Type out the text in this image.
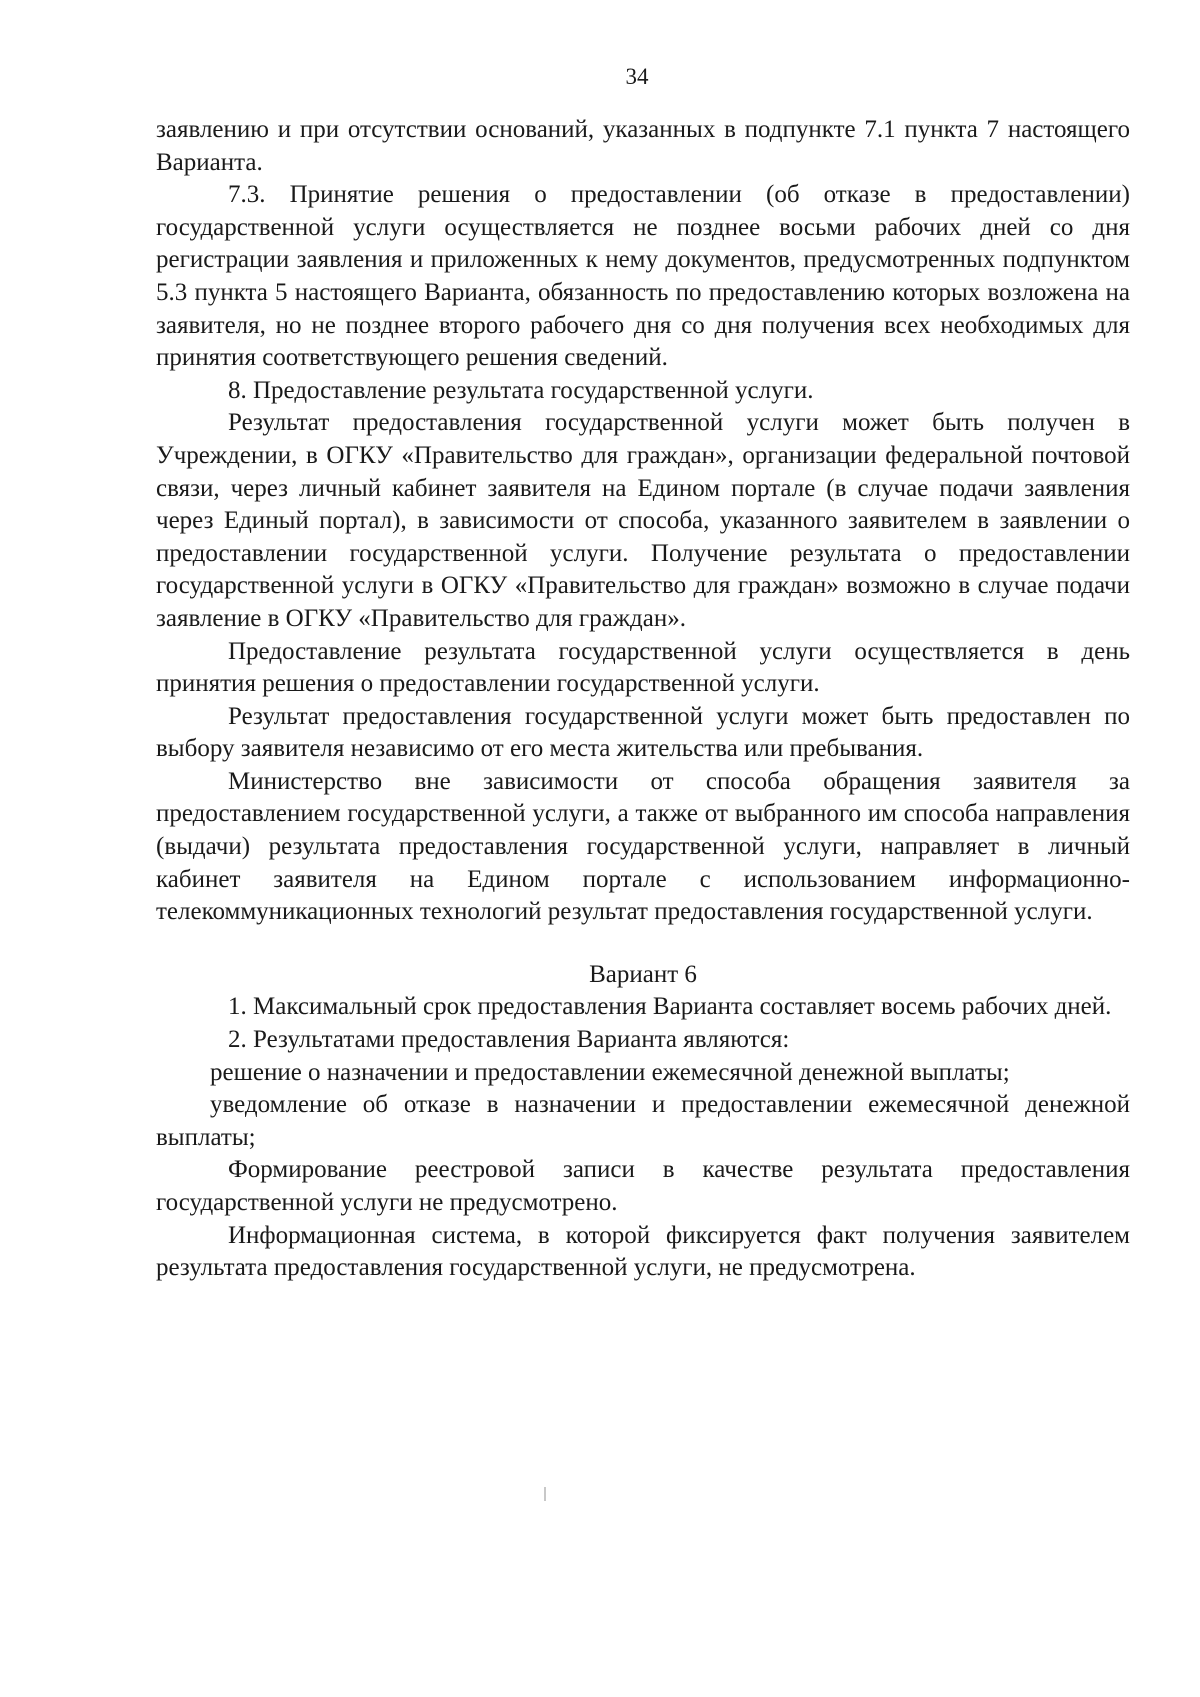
34

заявлению и при отсутствии оснований, указанных в подпункте 7.1 пункта 7 настоящего Варианта.

7.3. Принятие решения о предоставлении (об отказе в предоставлении) государственной услуги осуществляется не позднее восьми рабочих дней со дня регистрации заявления и приложенных к нему документов, предусмотренных подпунктом 5.3 пункта 5 настоящего Варианта, обязанность по предоставлению которых возложена на заявителя, но не позднее второго рабочего дня со дня получения всех необходимых для принятия соответствующего решения сведений.

8. Предоставление результата государственной услуги.

Результат предоставления государственной услуги может быть получен в Учреждении, в ОГКУ «Правительство для граждан», организации федеральной почтовой связи, через личный кабинет заявителя на Едином портале (в случае подачи заявления через Единый портал), в зависимости от способа, указанного заявителем в заявлении о предоставлении государственной услуги. Получение результата о предоставлении государственной услуги в ОГКУ «Правительство для граждан» возможно в случае подачи заявление в ОГКУ «Правительство для граждан».

Предоставление результата государственной услуги осуществляется в день принятия решения о предоставлении государственной услуги.

Результат предоставления государственной услуги может быть предоставлен по выбору заявителя независимо от его места жительства или пребывания.

Министерство вне зависимости от способа обращения заявителя за предоставлением государственной услуги, а также от выбранного им способа направления (выдачи) результата предоставления государственной услуги, направляет в личный кабинет заявителя на Едином портале с использованием информационно-телекоммуникационных технологий результат предоставления государственной услуги.

Вариант 6

1. Максимальный срок предоставления Варианта составляет восемь рабочих дней.

2. Результатами предоставления Варианта являются:

решение о назначении и предоставлении ежемесячной денежной выплаты;

уведомление об отказе в назначении и предоставлении ежемесячной денежной выплаты;

Формирование реестровой записи в качестве результата предоставления государственной услуги не предусмотрено.

Информационная система, в которой фиксируется факт получения заявителем результата предоставления государственной услуги, не предусмотрена.
